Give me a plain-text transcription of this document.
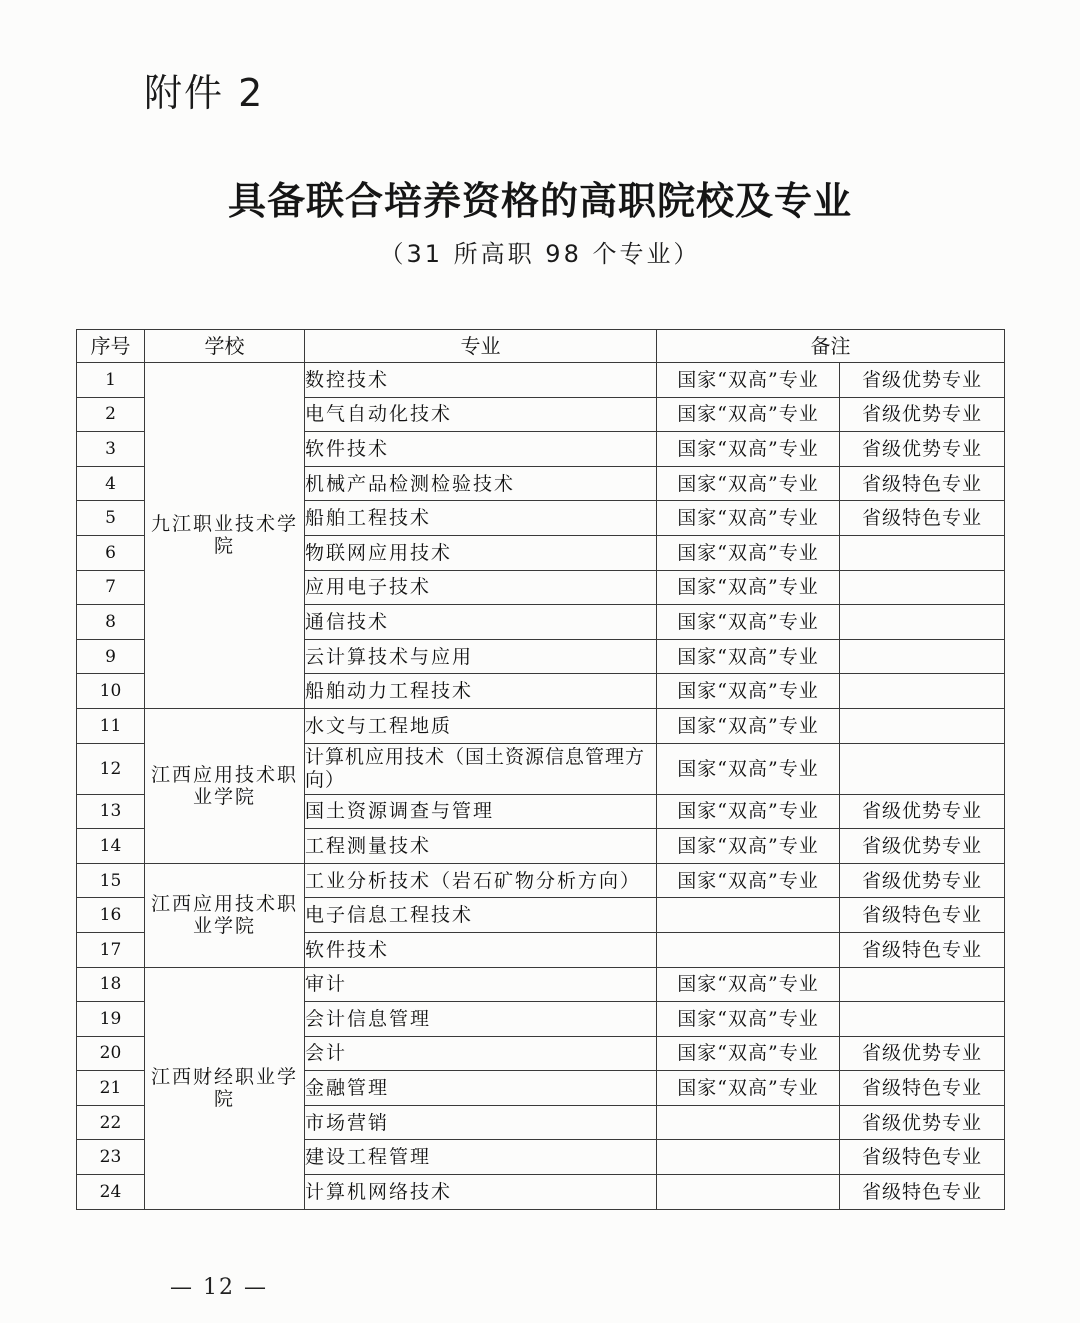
附件 2
具备联合培养资格的高职院校及专业
（31 所高职 98 个专业）
序号	学校	专业	备注	
1	九江职业技术学院	数控技术	国家“双高”专业	省级优势专业
2		电气自动化技术	国家“双高”专业	省级优势专业
3		软件技术	国家“双高”专业	省级优势专业
4		机械产品检测检验技术	国家“双高”专业	省级特色专业
5		船舶工程技术	国家“双高”专业	省级特色专业
6		物联网应用技术	国家“双高”专业	
7		应用电子技术	国家“双高”专业	
8		通信技术	国家“双高”专业	
9		云计算技术与应用	国家“双高”专业	
10		船舶动力工程技术	国家“双高”专业	
11	江西应用技术职业学院	水文与工程地质	国家“双高”专业	
12		计算机应用技术（国土资源信息管理方向）	国家“双高”专业	
13		国土资源调查与管理	国家“双高”专业	省级优势专业
14		工程测量技术	国家“双高”专业	省级优势专业
15	江西应用技术职业学院	工业分析技术（岩石矿物分析方向）	国家“双高”专业	省级优势专业
16		电子信息工程技术		省级特色专业
17		软件技术		省级特色专业
18	江西财经职业学院	审计	国家“双高”专业	
19		会计信息管理	国家“双高”专业	
20		会计	国家“双高”专业	省级优势专业
21		金融管理	国家“双高”专业	省级特色专业
22		市场营销		省级优势专业
23		建设工程管理		省级特色专业
24		计算机网络技术		省级特色专业
— 12 —
